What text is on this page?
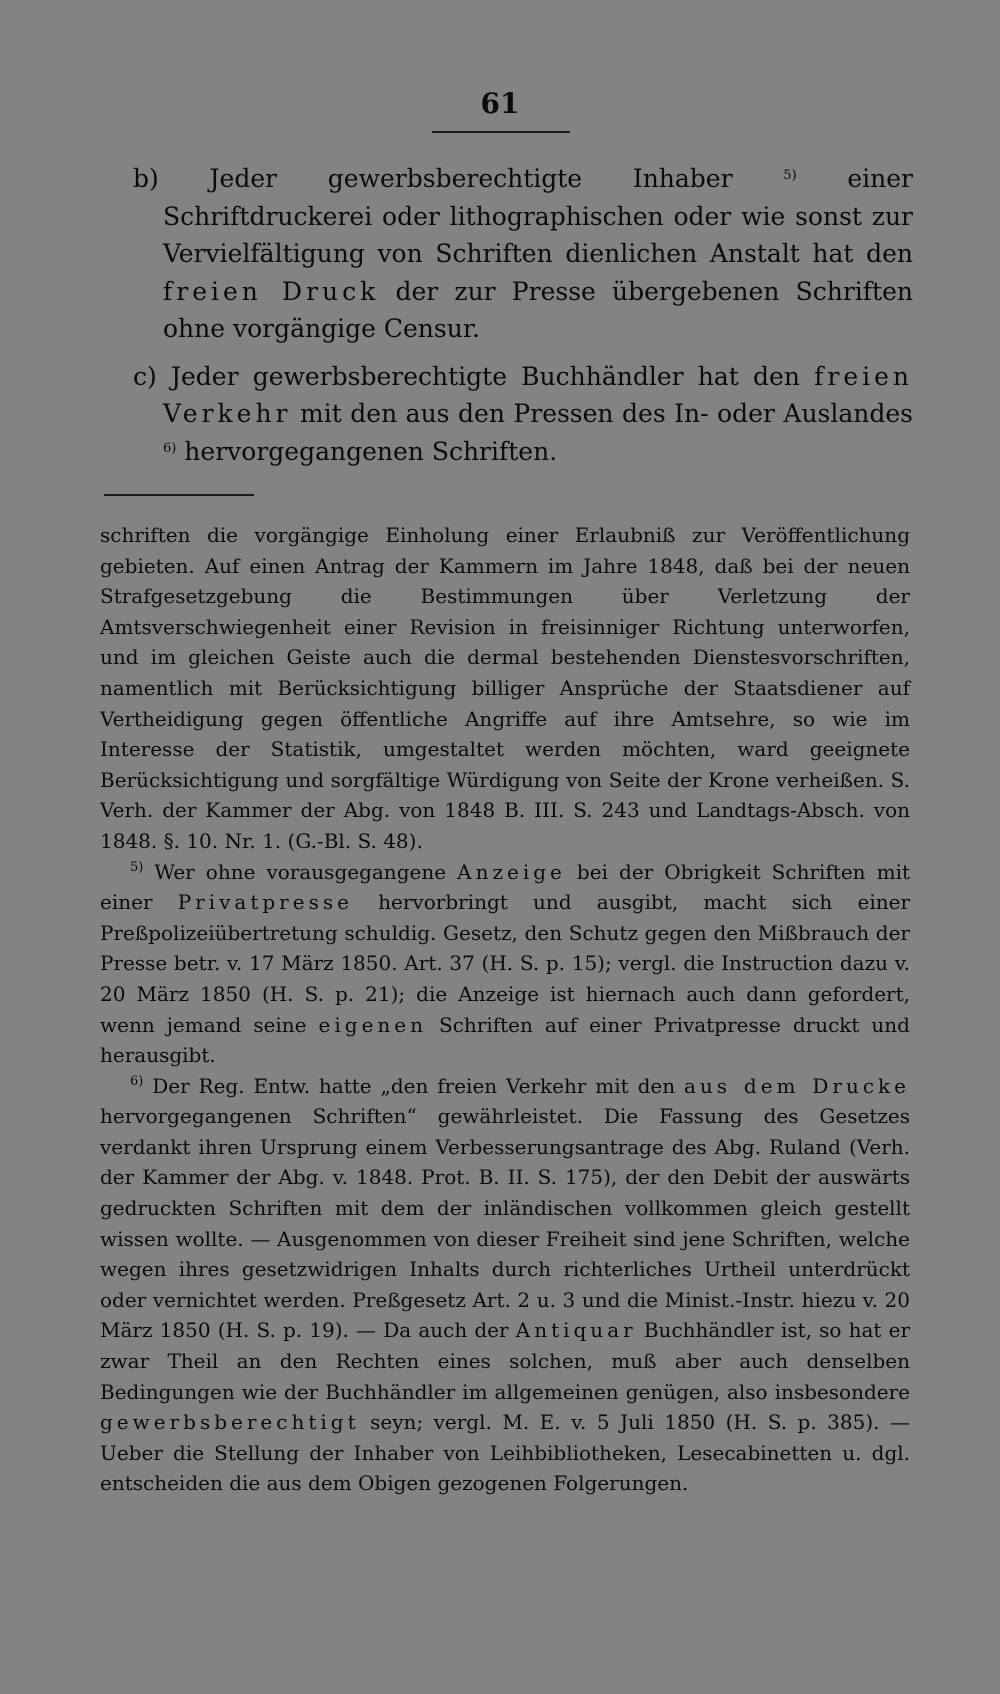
61

b) Jeder gewerbsberechtigte Inhaber	$^{5)}$ einer Schriftdruckerei oder lithographischen oder wie sonst zur Vervielfältigung von Schriften dienlichen Anstalt hat den freien Druck der zur Presse übergebenen Schriften ohne vorgängige Censur.

c) Jeder gewerbsberechtigte Buchhändler hat den freien Verkehr mit den aus den Pressen des In- oder Auslandes $^{6)}$ hervorgegangenen Schriften.

schriften die vorgängige Einholung einer Erlaubniß zur Veröffentlichung gebieten. Auf einen Antrag der Kammern im Jahre 1848, daß bei der neuen Strafgesetzgebung die Bestimmungen über Verletzung der Amtsverschwiegenheit einer Revision in freisinniger Richtung unterworfen, und im gleichen Geiste auch die dermal bestehenden Dienstesvorschriften, namentlich mit Berücksichtigung billiger Ansprüche der Staatsdiener auf Vertheidigung gegen öffentliche Angriffe auf ihre Amtsehre, so wie im Interesse der Statistik, umgestaltet werden möchten, ward geeignete Berücksichtigung und sorgfältige Würdigung von Seite der Krone verheißen. S. Verh. der Kammer der Abg. von 1848 B. III. S. 243 und Landtags-Absch. von 1848. §. 10. Nr. 1. (G.-Bl. S. 48).

$^{5)}$ Wer ohne vorausgegangene Anzeige bei der Obrigkeit Schriften mit einer Privatpresse hervorbringt und ausgibt, macht sich einer Preßpolizeiübertretung schuldig. Gesetz, den Schutz gegen den Mißbrauch der Presse betr. v. 17 März 1850. Art. 37 (H. S. p. 15); vergl. die Instruction dazu v. 20 März 1850 (H. S. p. 21); die Anzeige ist hiernach auch dann gefordert, wenn jemand seine eigenen Schriften auf einer Privatpresse druckt und herausgibt.

$^{6)}$ Der Reg. Entw. hatte „den freien Verkehr mit den aus dem Drucke hervorgegangenen Schriften“ gewährleistet. Die Fassung des Gesetzes verdankt ihren Ursprung einem Verbesserungsantrage des Abg. Ruland (Verh. der Kammer der Abg. v. 1848. Prot. B. II. S. 175), der den Debit der auswärts gedruckten Schriften mit dem der inländischen vollkommen gleich gestellt wissen wollte. — Ausgenommen von dieser Freiheit sind jene Schriften, welche wegen ihres gesetzwidrigen Inhalts durch richterliches Urtheil unterdrückt oder vernichtet werden. Preßgesetz Art. 2 u. 3 und die Minist.-Instr. hiezu v. 20 März 1850 (H. S. p. 19). — Da auch der Antiquar Buchhändler ist, so hat er zwar Theil an den Rechten eines solchen, muß aber auch denselben Bedingungen wie der Buchhändler im allgemeinen genügen, also insbesondere gewerbsberechtigt seyn; vergl. M. E. v. 5 Juli 1850 (H. S. p. 385). — Ueber die Stellung der Inhaber von Leihbibliotheken, Lesecabinetten u. dgl. entscheiden die aus dem Obigen gezogenen Folgerungen.
